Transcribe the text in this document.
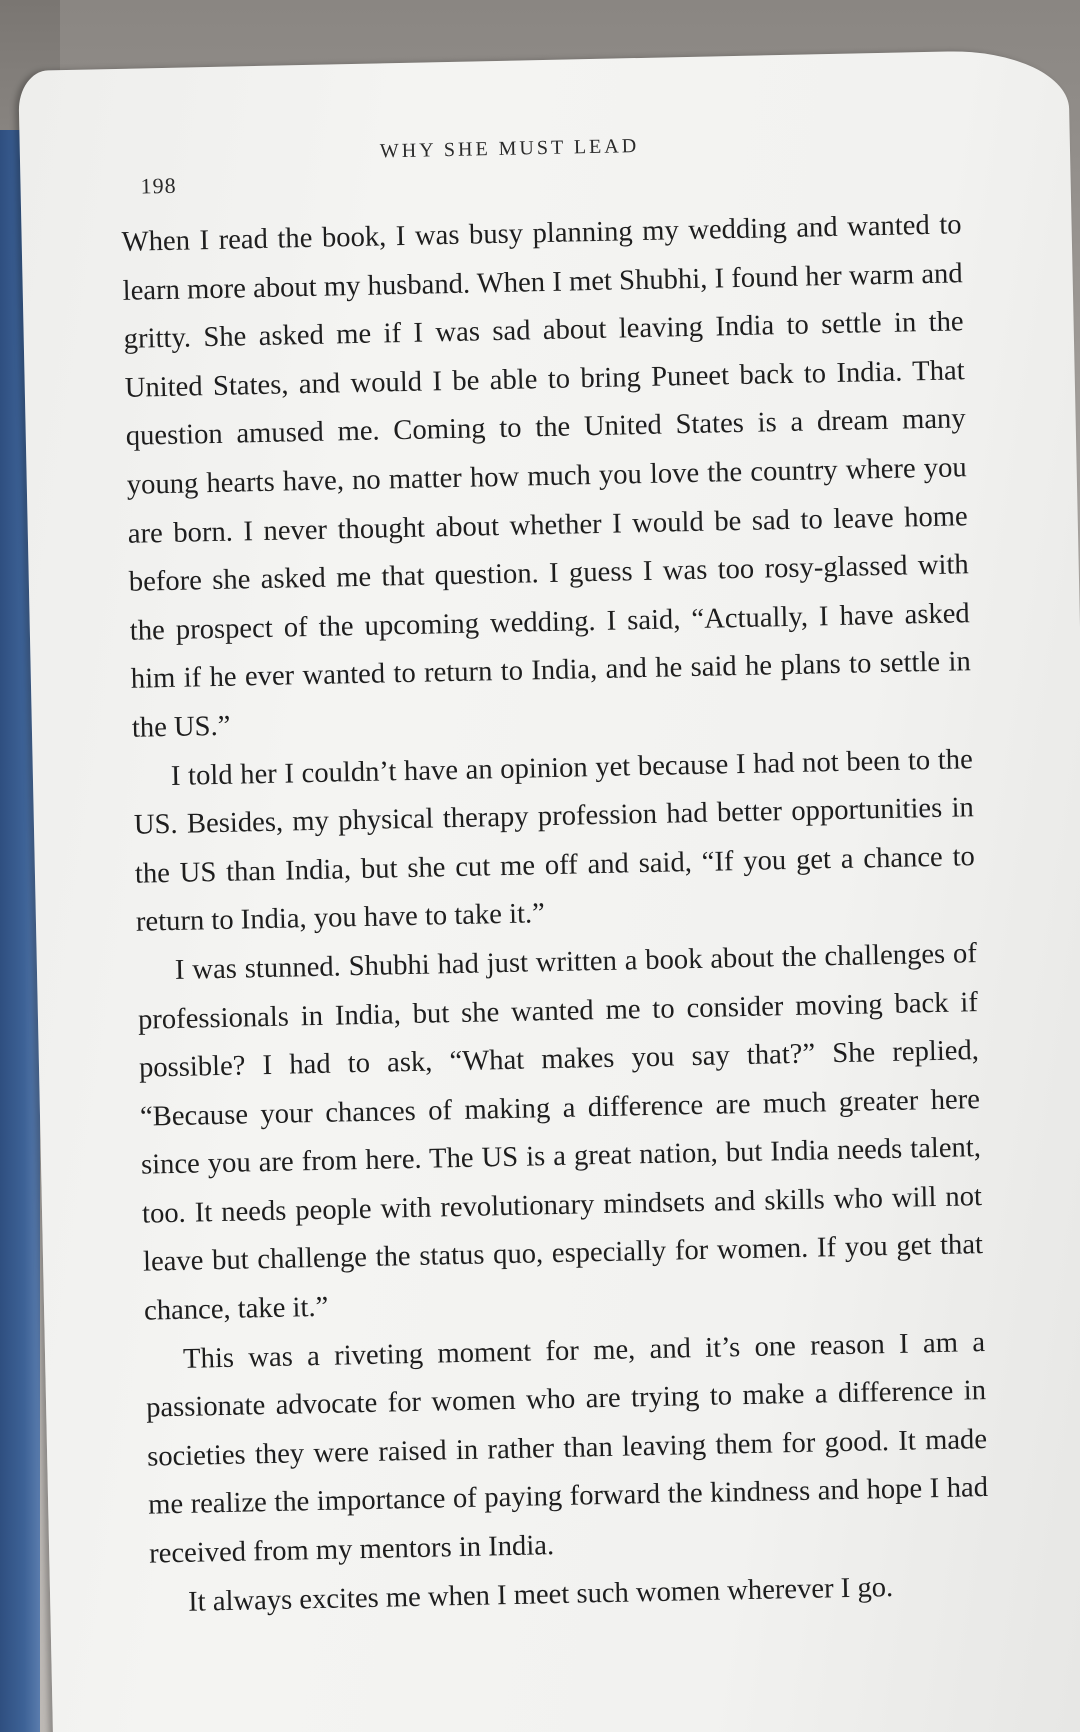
198
WHY SHE MUST LEAD

When I read the book, I was busy planning my wedding and wanted to learn more about my husband. When I met Shubhi, I found her warm and gritty. She asked me if I was sad about leaving India to settle in the United States, and would I be able to bring Puneet back to India. That question amused me. Coming to the United States is a dream many young hearts have, no matter how much you love the country where you are born. I never thought about whether I would be sad to leave home before she asked me that question. I guess I was too rosy-glassed with the prospect of the upcoming wedding. I said, “Actually, I have asked him if he ever wanted to return to India, and he said he plans to settle in the US.”

I told her I couldn’t have an opinion yet because I had not been to the US. Besides, my physical therapy profession had better opportunities in the US than India, but she cut me off and said, “If you get a chance to return to India, you have to take it.”

I was stunned. Shubhi had just written a book about the challenges of professionals in India, but she wanted me to consider moving back if possible? I had to ask, “What makes you say that?” She replied, “Because your chances of making a difference are much greater here since you are from here. The US is a great nation, but India needs talent, too. It needs people with revolutionary mindsets and skills who will not leave but challenge the status quo, especially for women. If you get that chance, take it.”

This was a riveting moment for me, and it’s one reason I am a passionate advocate for women who are trying to make a difference in societies they were raised in rather than leaving them for good. It made me realize the importance of paying forward the kindness and hope I had received from my mentors in India.

It always excites me when I meet such women wherever I go.
